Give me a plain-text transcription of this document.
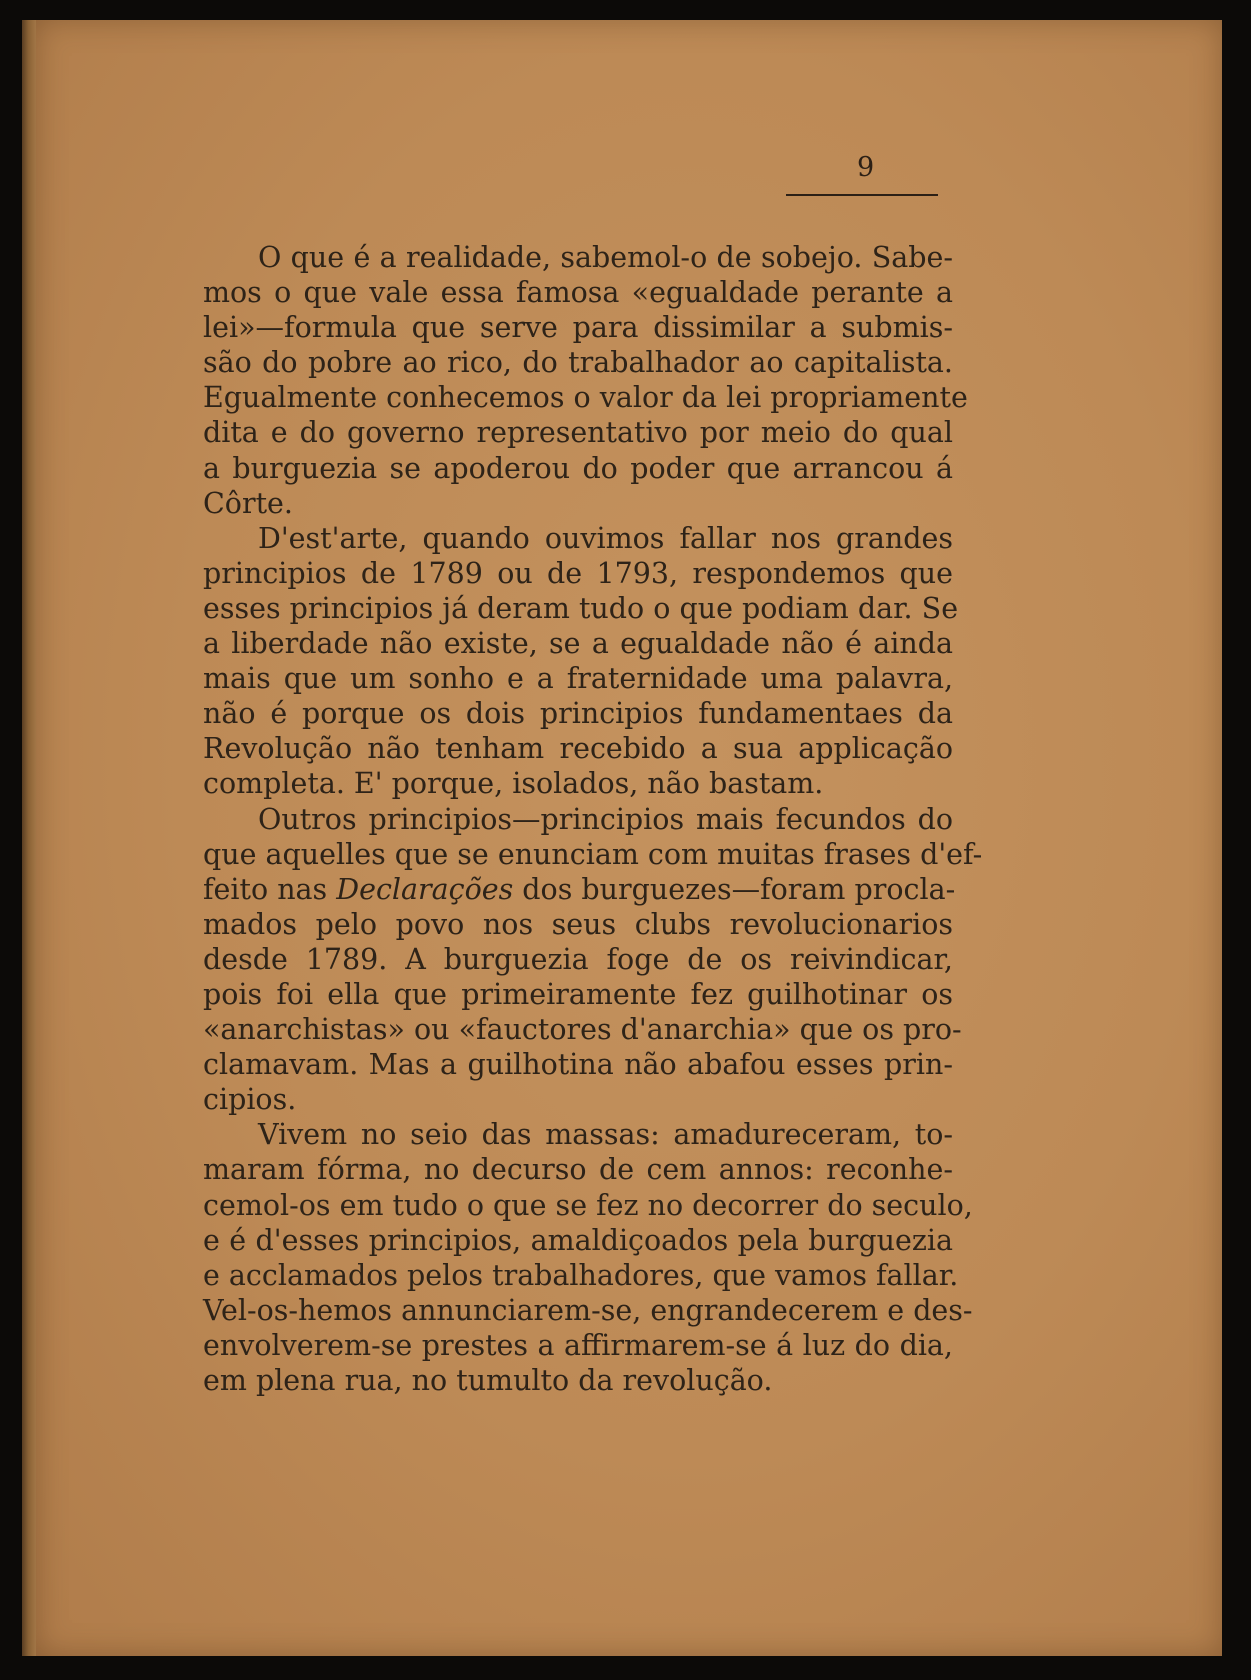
9
O que é a realidade, sabemol-o de sobejo. Sabe-
mos o que vale essa famosa «egualdade perante a
lei»—formula que serve para dissimilar a submis-
são do pobre ao rico, do trabalhador ao capitalista.
Egualmente conhecemos o valor da lei propriamente
dita e do governo representativo por meio do qual
a burguezia se apoderou do poder que arrancou á
Côrte.
D'est'arte, quando ouvimos fallar nos grandes
principios de 1789 ou de 1793, respondemos que
esses principios já deram tudo o que podiam dar. Se
a liberdade não existe, se a egualdade não é ainda
mais que um sonho e a fraternidade uma palavra,
não é porque os dois principios fundamentaes da
Revolução não tenham recebido a sua applicação
completa. E' porque, isolados, não bastam.
Outros principios—principios mais fecundos do
que aquelles que se enunciam com muitas frases d'ef-
feito nas Declarações dos burguezes—foram procla-
mados pelo povo nos seus clubs revolucionarios
desde 1789. A burguezia foge de os reivindicar,
pois foi ella que primeiramente fez guilhotinar os
«anarchistas» ou «fauctores d'anarchia» que os pro-
clamavam. Mas a guilhotina não abafou esses prin-
cipios.
Vivem no seio das massas: amadureceram, to-
maram fórma, no decurso de cem annos: reconhe-
cemol-os em tudo o que se fez no decorrer do seculo,
e é d'esses principios, amaldiçoados pela burguezia
e acclamados pelos trabalhadores, que vamos fallar.
Vel-os-hemos annunciarem-se, engrandecerem e des-
envolverem-se prestes a affirmarem-se á luz do dia,
em plena rua, no tumulto da revolução.
